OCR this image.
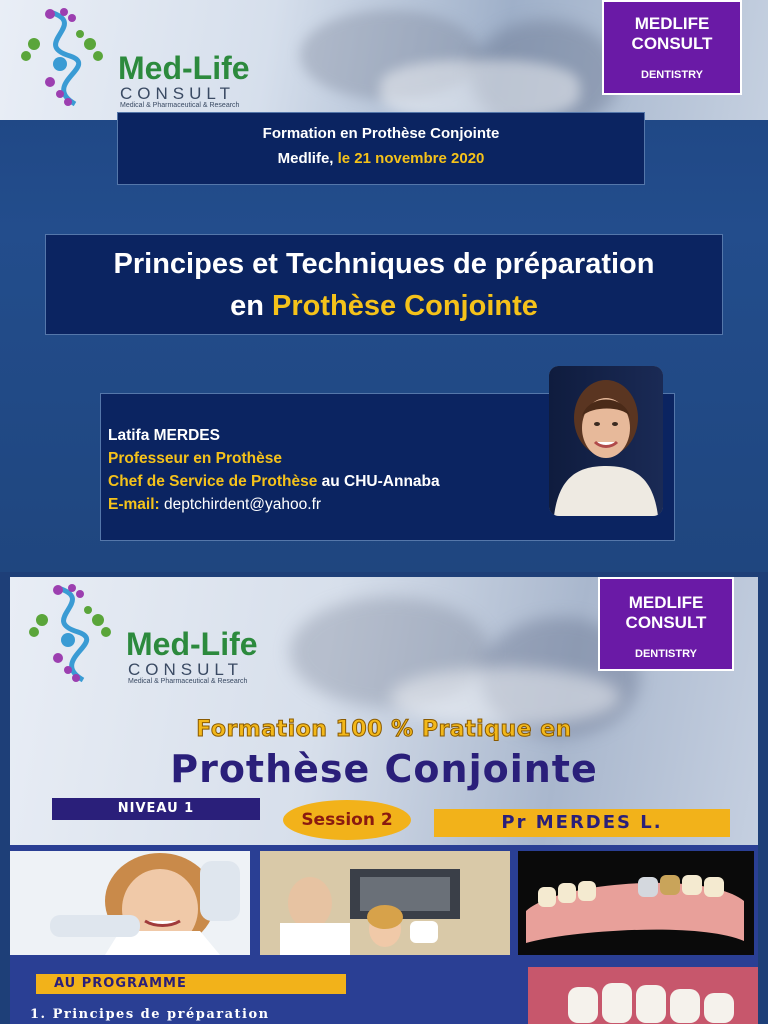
Med-Life
CONSULT
Medical & Pharmaceutical & Research
MEDLIFE
CONSULT
DENTISTRY
Formation en Prothèse Conjointe
Medlife, le 21 novembre 2020
Principes et Techniques de préparation
en Prothèse Conjointe
Latifa MERDES
Professeur en Prothèse
Chef de Service de Prothèse au CHU-Annaba
E-mail: deptchirdent@yahoo.fr
Med-Life
CONSULT
Medical & Pharmaceutical & Research
MEDLIFE
CONSULT
DENTISTRY
Formation 100 % Pratique en
Prothèse Conjointe
NIVEAU 1
Session 2	Pr MERDES L.
AU PROGRAMME
1. Principes de préparation
